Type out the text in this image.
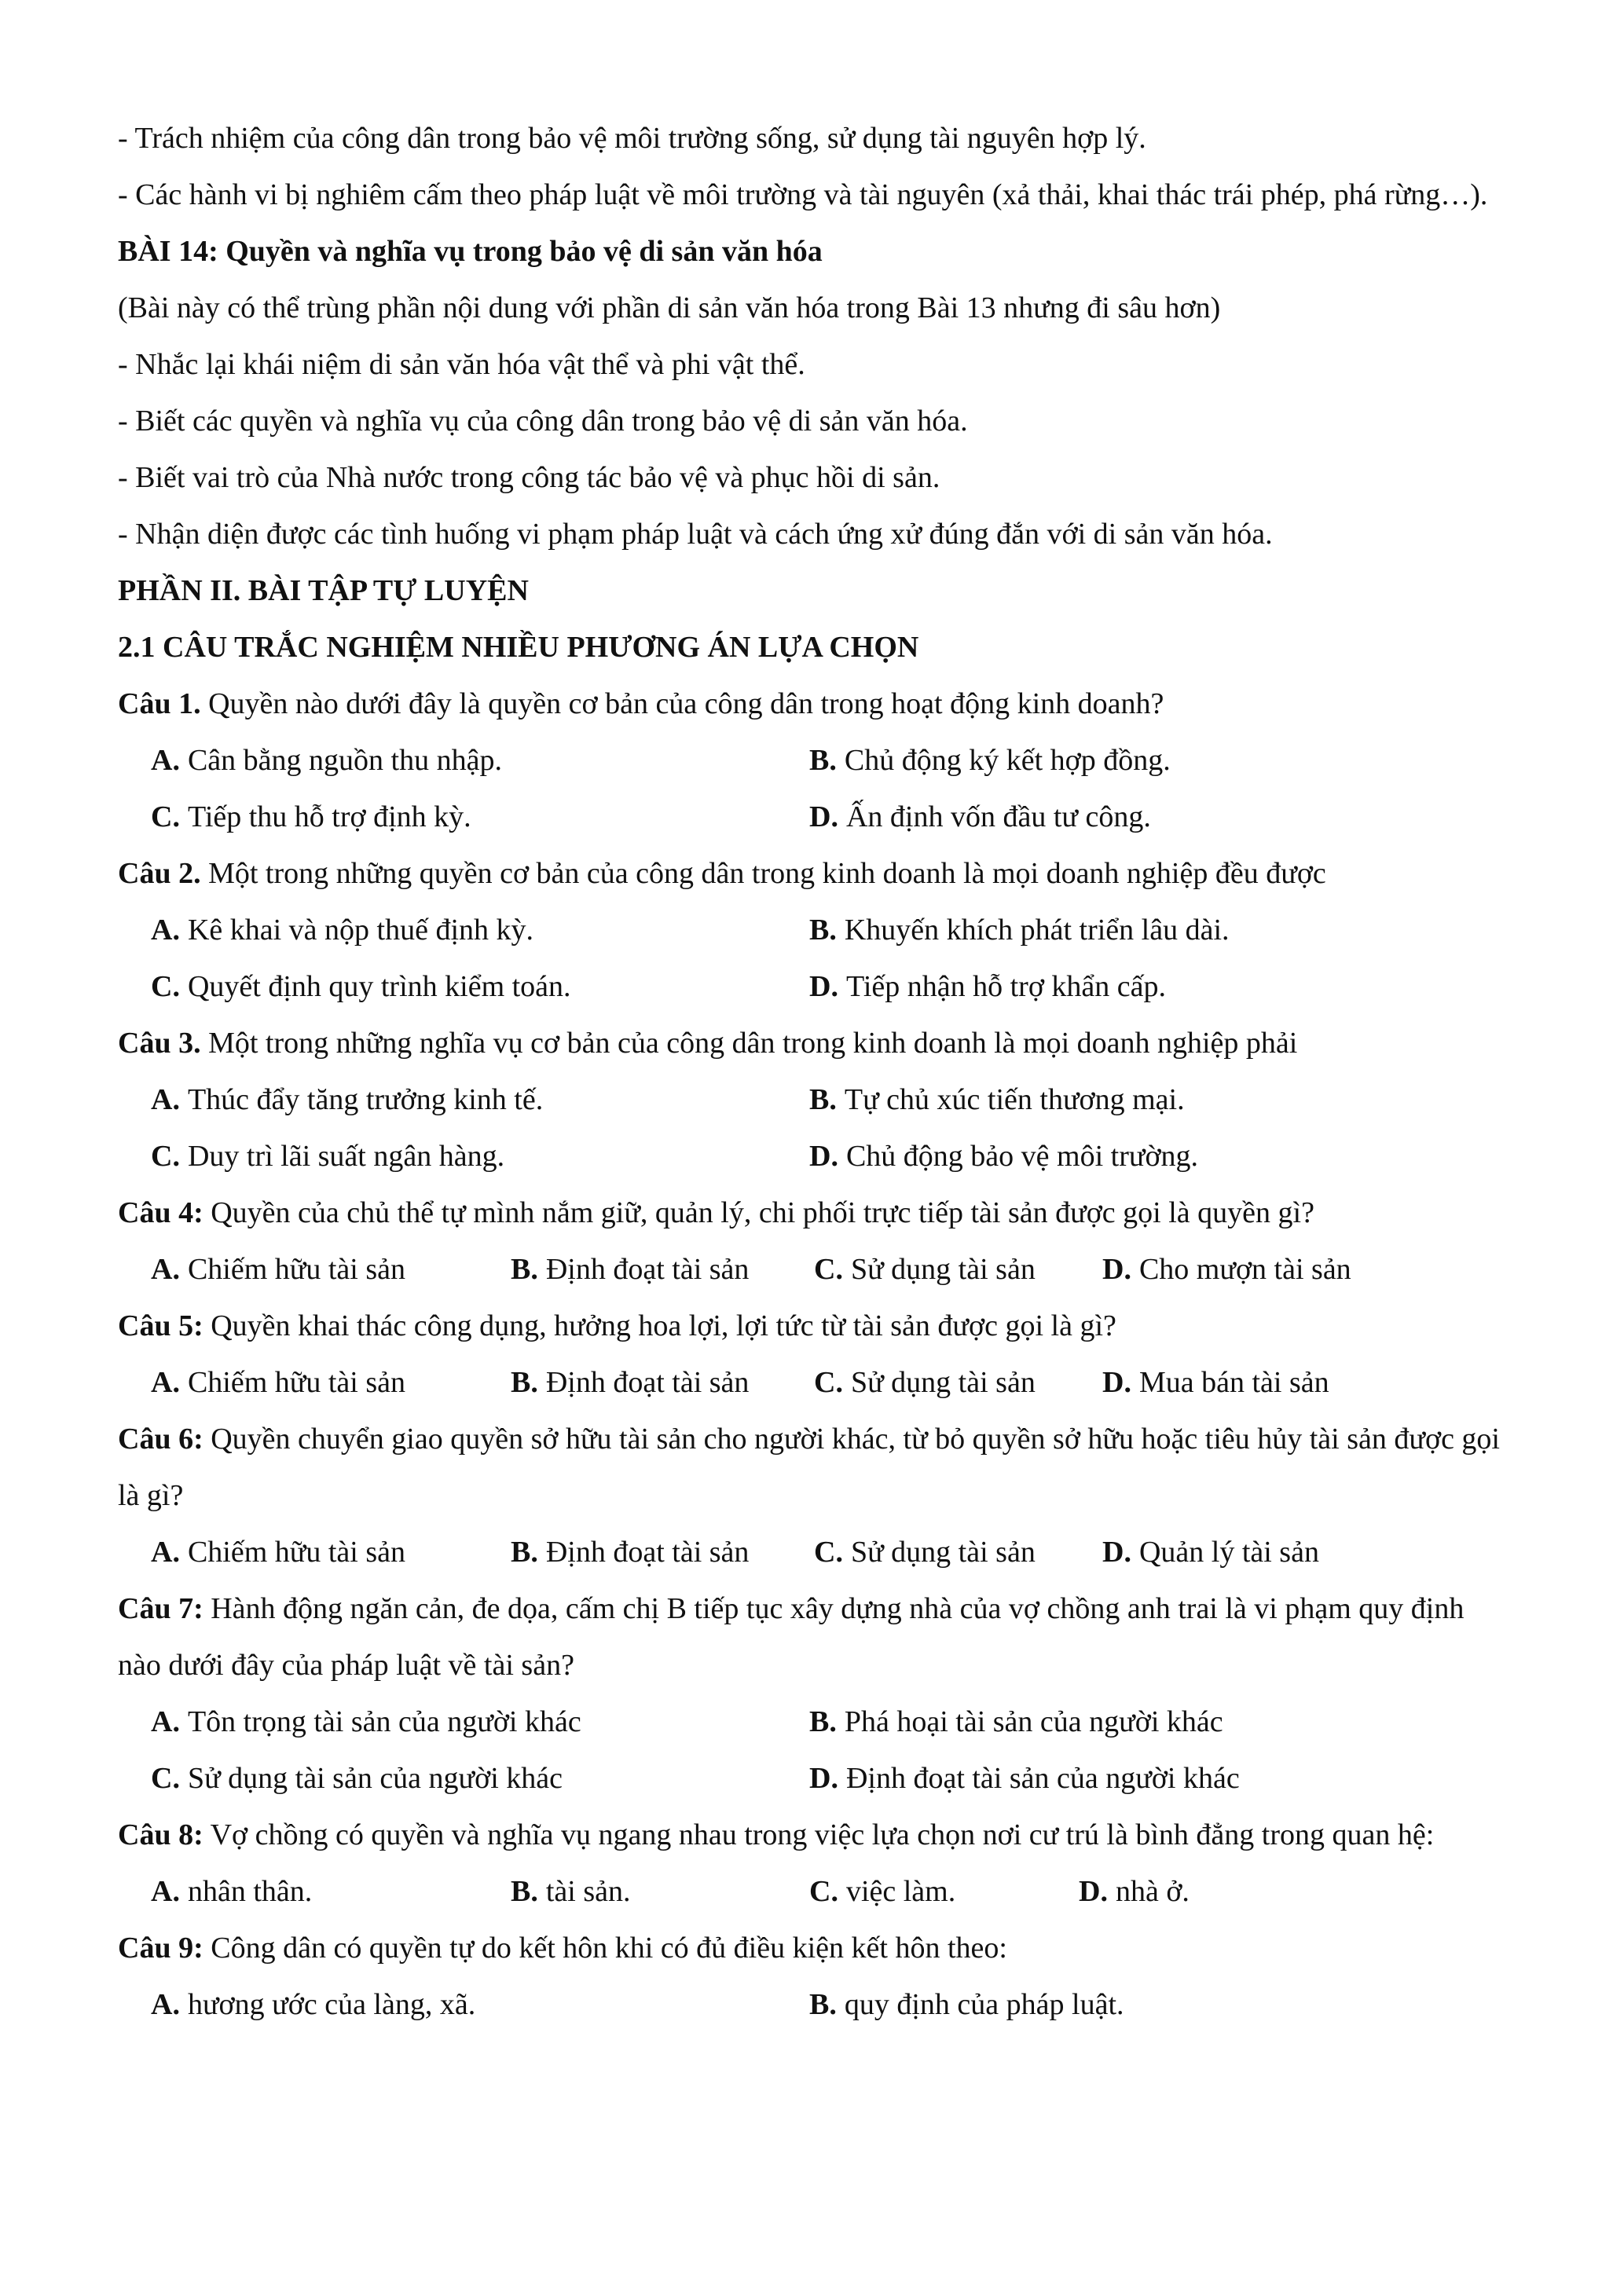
- Trách nhiệm của công dân trong bảo vệ môi trường sống, sử dụng tài nguyên hợp lý.
- Các hành vi bị nghiêm cấm theo pháp luật về môi trường và tài nguyên (xả thải, khai thác trái phép, phá rừng…).
BÀI 14: Quyền và nghĩa vụ trong bảo vệ di sản văn hóa
(Bài này có thể trùng phần nội dung với phần di sản văn hóa trong Bài 13 nhưng đi sâu hơn)
- Nhắc lại khái niệm di sản văn hóa vật thể và phi vật thể.
- Biết các quyền và nghĩa vụ của công dân trong bảo vệ di sản văn hóa.
- Biết vai trò của Nhà nước trong công tác bảo vệ và phục hồi di sản.
- Nhận diện được các tình huống vi phạm pháp luật và cách ứng xử đúng đắn với di sản văn hóa.
PHẦN II. BÀI TẬP TỰ LUYỆN
2.1 CÂU TRẮC NGHIỆM NHIỀU PHƯƠNG ÁN LỰA CHỌN
Câu 1. Quyền nào dưới đây là quyền cơ bản của công dân trong hoạt động kinh doanh?
A. Cân bằng nguồn thu nhập.	B. Chủ động ký kết hợp đồng.
C. Tiếp thu hỗ trợ định kỳ.	D. Ấn định vốn đầu tư công.
Câu 2. Một trong những quyền cơ bản của công dân trong kinh doanh là mọi doanh nghiệp đều được
A. Kê khai và nộp thuế định kỳ.	B. Khuyến khích phát triển lâu dài.
C. Quyết định quy trình kiểm toán.	D. Tiếp nhận hỗ trợ khẩn cấp.
Câu 3. Một trong những nghĩa vụ cơ bản của công dân trong kinh doanh là mọi doanh nghiệp phải
A. Thúc đẩy tăng trưởng kinh tế.	B. Tự chủ xúc tiến thương mại.
C. Duy trì lãi suất ngân hàng.	D. Chủ động bảo vệ môi trường.
Câu 4: Quyền của chủ thể tự mình nắm giữ, quản lý, chi phối trực tiếp tài sản được gọi là quyền gì?
A. Chiếm hữu tài sản	B. Định đoạt tài sản	C. Sử dụng tài sản	D. Cho mượn tài sản
Câu 5: Quyền khai thác công dụng, hưởng hoa lợi, lợi tức từ tài sản được gọi là gì?
A. Chiếm hữu tài sản	B. Định đoạt tài sản	C. Sử dụng tài sản	D. Mua bán tài sản
Câu 6: Quyền chuyển giao quyền sở hữu tài sản cho người khác, từ bỏ quyền sở hữu hoặc tiêu hủy tài sản được gọi là gì?
A. Chiếm hữu tài sản	B. Định đoạt tài sản	C. Sử dụng tài sản	D. Quản lý tài sản
Câu 7: Hành động ngăn cản, đe dọa, cấm chị B tiếp tục xây dựng nhà của vợ chồng anh trai là vi phạm quy định nào dưới đây của pháp luật về tài sản?
A. Tôn trọng tài sản của người khác	B. Phá hoại tài sản của người khác
C. Sử dụng tài sản của người khác	D. Định đoạt tài sản của người khác
Câu 8: Vợ chồng có quyền và nghĩa vụ ngang nhau trong việc lựa chọn nơi cư trú là bình đẳng trong quan hệ:
A. nhân thân.	B. tài sản.	C. việc làm.	D. nhà ở.
Câu 9: Công dân có quyền tự do kết hôn khi có đủ điều kiện kết hôn theo:
A. hương ước của làng, xã.	B. quy định của pháp luật.
